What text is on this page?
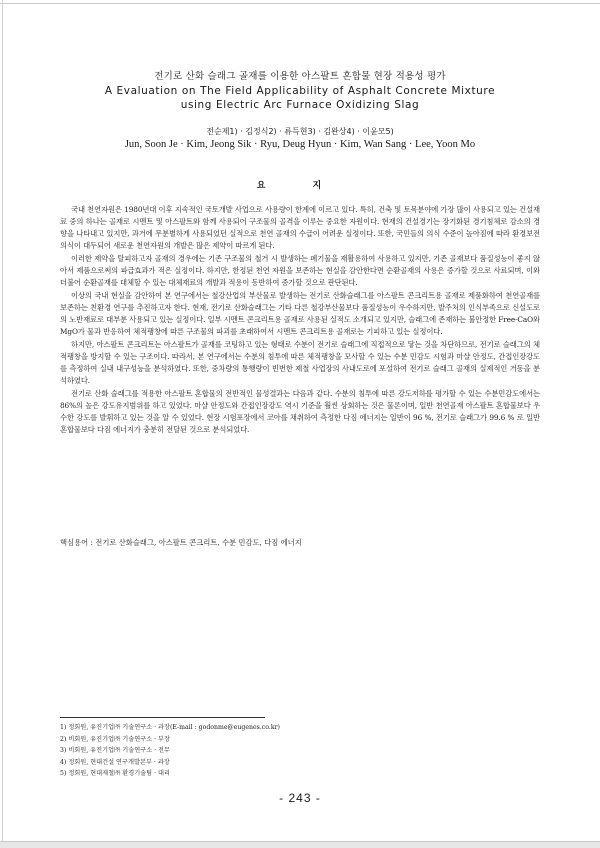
전기로 산화 슬래그 골재를 이용한 아스팔트 혼합물 현장 적용성 평가
A Evaluation on The Field Applicability of Asphalt Concrete Mixture
using Electric Arc Furnace Oxidizing Slag
전순제1) · 김정식2) · 류득현3) · 김완상4) · 이윤모5)
Jun, Soon Je · Kim, Jeong Sik · Ryu, Deug Hyun · Kim, Wan Sang · Lee, Yoon Mo
요 지

국내 천연자원은 1980년대 이후 지속적인 국토개발 사업으로 사용량이 한계에 이르고 있다. 특히, 건축 및 토목분야에 가장 많이 사용되고 있는 건설재료 중의 하나는 골재로 시멘트 및 아스팔트와 함께 사용되어 구조물의 골격을 이루는 중요한 자원이다. 현재의 건설경기는 장기화된 경기침체로 감소의 경향을 나타내고 있지만, 과거에 무분별하게 사용되었던 실적으로 천연 골재의 수급이 어려운 실정이다. 또한, 국민들의 의식 수준이 높아짐에 따라 환경보전의식이 대두되어 새로운 천연자원의 개발은 많은 제약이 따르게 된다.

이러한 제약을 탈피하고자 골재의 경우에는 기존 구조물의 철거 시 발생하는 폐기물을 재활용하여 사용하고 있지만, 기존 골재보다 품질성능이 좋지 않아서 제품으로써의 파급효과가 적은 실정이다. 하지만, 한정된 천연 자원을 보존하는 현실을 감안한다면 순환골재의 사용은 증가할 것으로 사료되며, 이와 더불어 순환골재를 대체할 수 있는 대체재료의 개발과 적용이 동반하여 증가할 것으로 판단된다.

이상의 국내 현실을 감안하여 본 연구에서는 철강산업의 부산물로 발생하는 전기로 산화슬래그를 아스팔트 콘크리트용 골재로 제품화하여 천연골재를 보존하는 친환경 연구를 추진하고자 한다. 현재, 전기로 산화슬래그는 기타 다른 철강부산물보다 품질성능이 우수하지만, 발주처의 인식부족으로 신설도로의 노반재료로 대부분 사용되고 있는 실정이다. 일부 시멘트 콘크리트용 골재로 사용된 실적도 소개되고 있지만, 슬래그에 존재하는 불안정한 Free-CaO와 MgO가 물과 반응하여 체적팽창에 따른 구조물의 파괴를 초래하여서 시멘트 콘크리트용 골재로는 기피하고 있는 실정이다.

하지만, 아스팔트 콘크리트는 아스팔트가 골재를 코팅하고 있는 형태로 수분이 전기로 슬래그에 직접적으로 닿는 것을 차단하므로, 전기로 슬래그의 체적팽창을 방지할 수 있는 구조이다. 따라서, 본 연구에서는 수분의 침투에 따른 체적팽창을 모사할 수 있는 수분 민감도 시험과 마샬 안정도, 간접인장강도를 측정하여 실내 내구성능을 분석하였다. 또한, 중차량의 통행량이 빈번한 제철 사업장의 사내도로에 포설하여 전기로 슬래그 골재의 실제적인 거동을 분석하였다.

전기로 산화 슬래그를 적용한 아스팔트 혼합물의 전반적인 물성결과는 다음과 같다. 수분의 침투에 따른 강도저하를 평가할 수 있는 수분민감도에서는 86%의 높은 강도유지범위를 하고 있었다. 마샬 안정도와 간접인장강도 역시 기준을 훨씬 상회하는 것은 물론이며, 일반 천연골재 아스팔트 혼합물보다 우수한 강도를 발휘하고 있는 것을 알 수 있었다. 현장 시험포장에서 코아를 채취하여 측정한 다짐 에너지는 일반이 96 %, 전기로 슬래그가 99.6 % 로 일반 혼합물보다 다짐 에너지가 충분히 전달된 것으로 분석되었다.

핵심용어 : 전기로 산화슬래그, 아스팔트 콘크리트, 수분 민감도, 다짐 에너지
1) 정회원, 유진기업㈜ 기술연구소 · 과장(E-mail : godonme@eugenes.co.kr)
2) 비회원, 유진기업㈜ 기술연구소 · 부장
3) 비회원, 유진기업㈜ 기술연구소 · 전무
4) 정회원, 현대건설 연구개발본부 · 과장
5) 정회원, 현대제철㈜ 환경기술팀 · 대리
- 243 -
